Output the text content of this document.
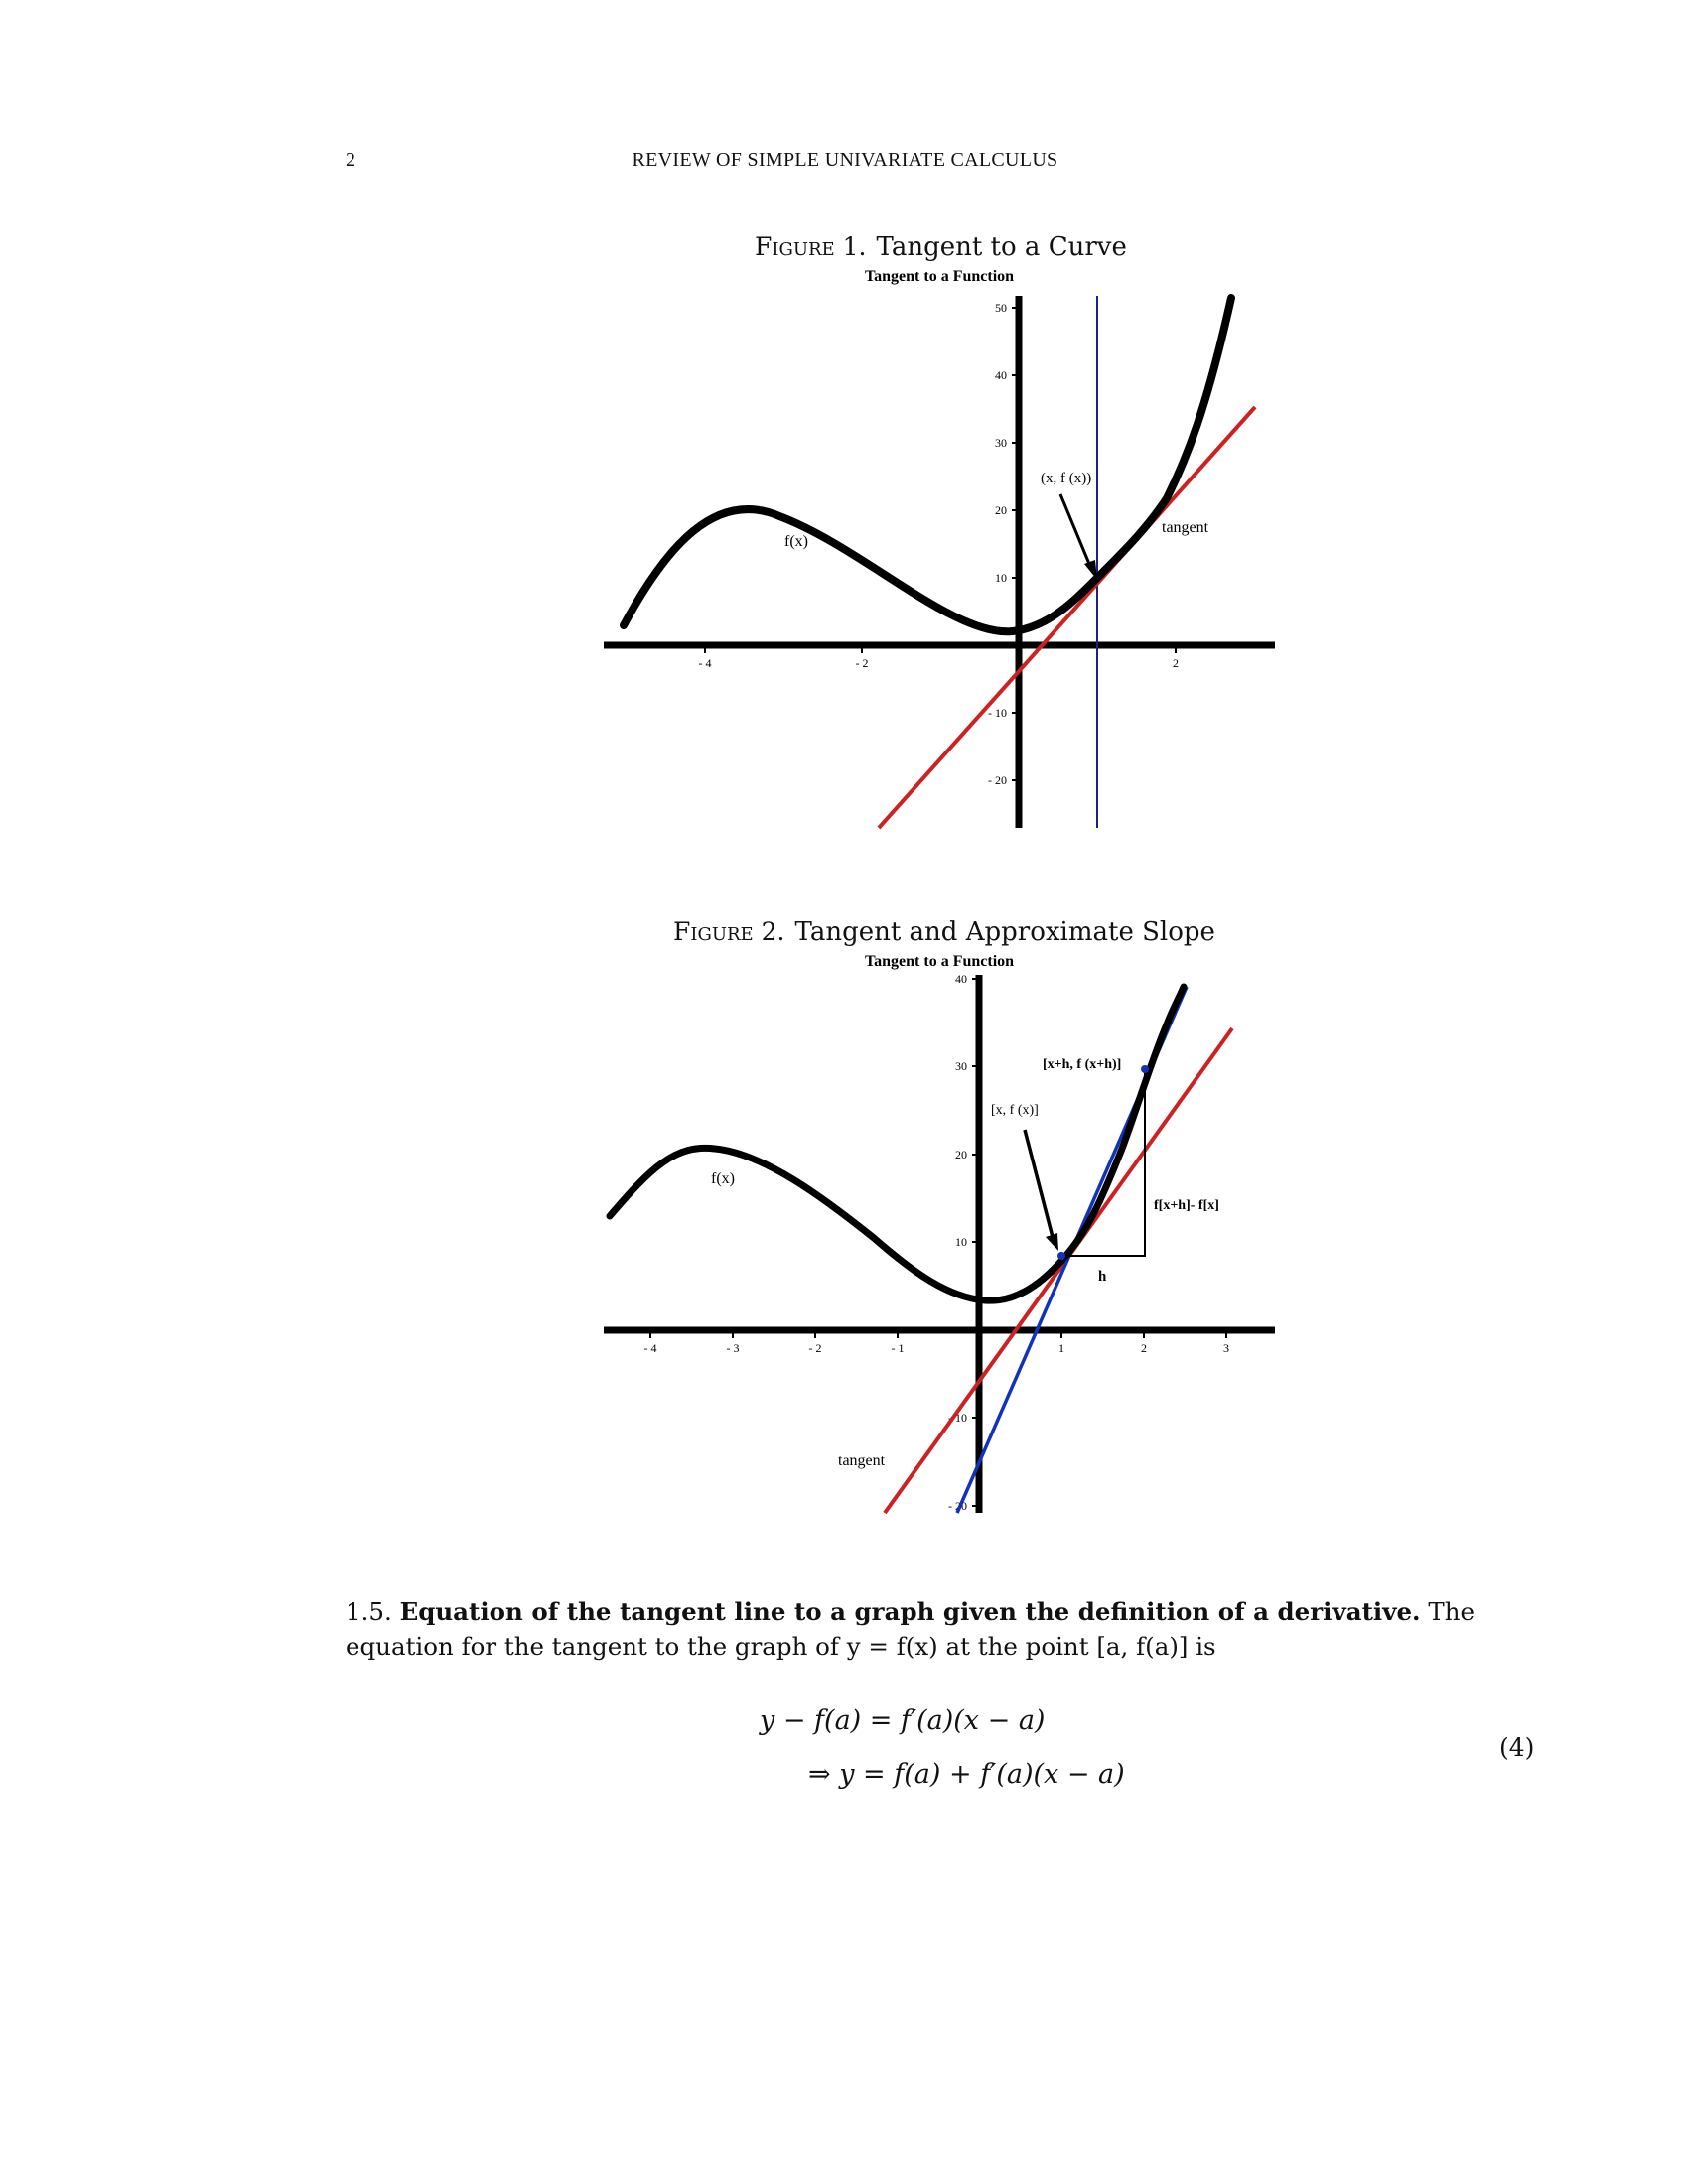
2	REVIEW OF SIMPLE UNIVARIATE CALCULUS
Figure 1. Tangent to a Curve
Tangent to a Function
50
40
30
20
10
- 10
- 20
- 4	- 2	2
f(x)
(x, f (x))
tangent
Figure 2. Tangent and Approximate Slope
Tangent to a Function
40
30
20
10
- 10
- 20
- 4	- 3	- 2	- 1	1	2	3
f(x)
[x, f (x)]
[x+h, f (x+h)]
f[x+h]- f[x]
h
tangent
1.5. Equation of the tangent line to a graph given the definition of a derivative. The equation for the tangent to the graph of y = f(x) at the point [a, f(a)] is
y − f(a) = f′(a)(x − a)
⇒ y = f(a) + f′(a)(x − a)
(4)
